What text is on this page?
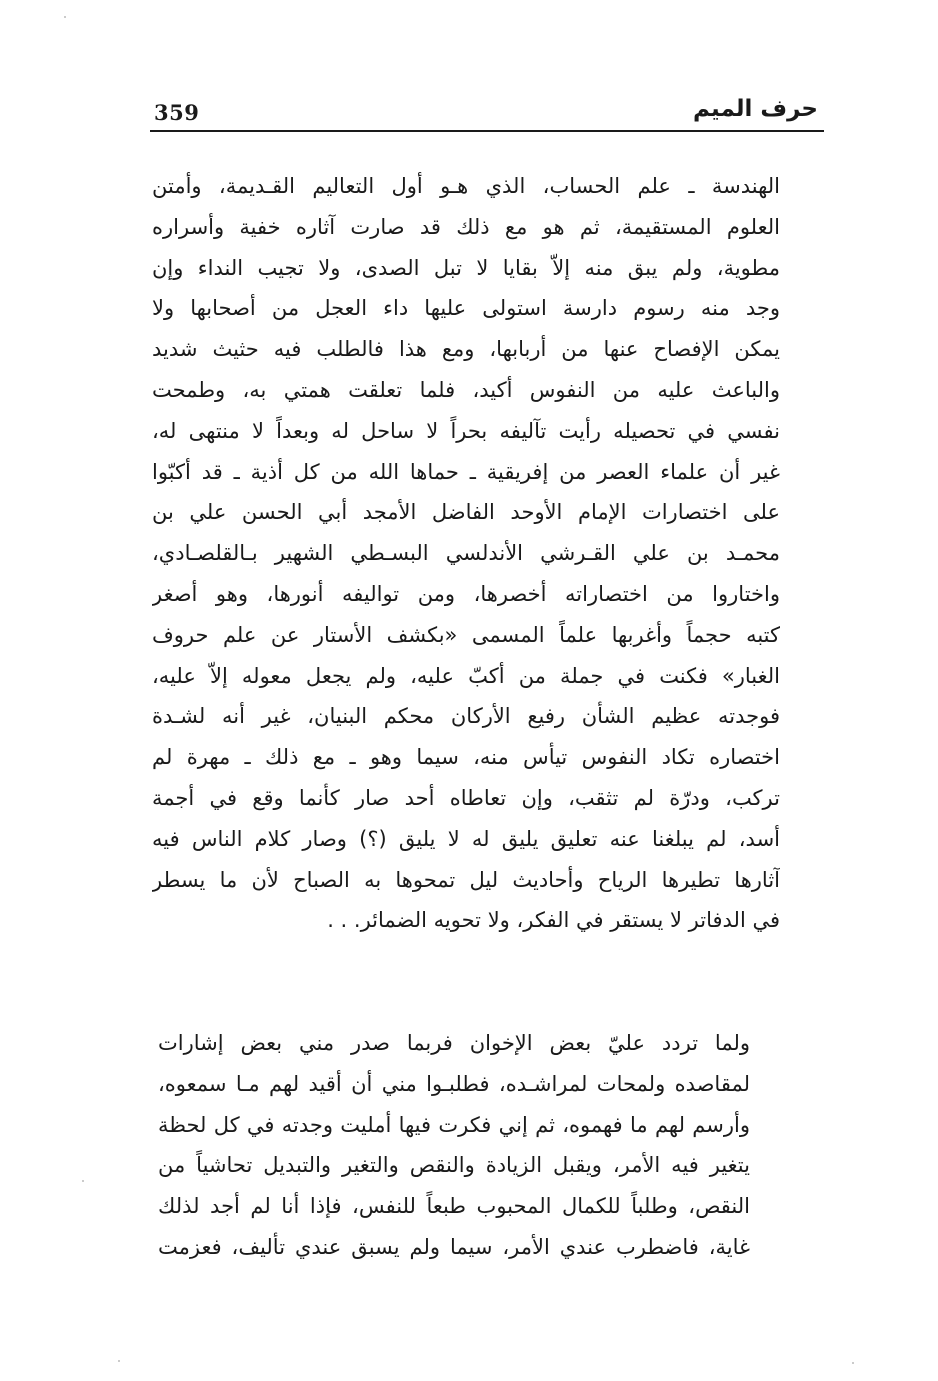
359	حرف الميم
الهندسة ـ علم الحساب، الذي هـو أول التعاليم القـديمة، وأمتن
العلوم المستقيمة، ثم هو مع ذلك قد صارت آثاره خفية وأسراره
مطوية، ولم يبق منه إلاّ بقايا لا تبل الصدى، ولا تجيب النداء وإن
وجد منه رسوم دارسة استولى عليها داء العجل من أصحابها ولا
يمكن الإفصاح عنها من أربابها، ومع هذا فالطلب فيه حثيث شديد
والباعث عليه من النفوس أكيد، فلما تعلقت همتي به، وطمحت
نفسي في تحصيله رأيت تآليفه بحراً لا ساحل له وبعداً لا منتهى له،
غير أن علماء العصر من إفريقية ـ حماها الله من كل أذية ـ قد أكبّوا
على اختصارات الإمام الأوحد الفاضل الأمجد أبي الحسن علي بن
محمـد بن علي القـرشي الأندلسي البسـطي الشهير بـالقلصـادي،
واختاروا من اختصاراته أخصرها، ومن تواليفه أنورها، وهو أصغر
كتبه حجماً وأغربها علماً المسمى «بكشف الأستار عن علم حروف
الغبار» فكنت في جملة من أكبّ عليه، ولم يجعل معوله إلاّ عليه،
فوجدته عظيم الشأن رفيع الأركان محكم البنيان، غير أنه لشـدة
اختصاره تكاد النفوس تيأس منه، سيما وهو ـ مع ذلك ـ مهرة لم
تركب، ودرّة لم تثقب، وإن تعاطاه أحد صار كأنما وقع في أجمة
أسد، لم يبلغنا عنه تعليق يليق له لا يليق (؟) وصار كلام الناس فيه
آثارها تطيرها الرياح وأحاديث ليل تمحوها به الصباح لأن ما يسطر
في الدفاتر لا يستقر في الفكر، ولا تحويه الضمائر. . .
ولما تردد عليّ بعض الإخوان فربما صدر مني بعض إشارات
لمقاصده ولمحات لمراشـده، فطلبـوا مني أن أقيد لهم مـا سمعوه،
وأرسم لهم ما فهموه، ثم إني فكرت فيها أمليت وجدته في كل لحظة
يتغير فيه الأمر، ويقبل الزيادة والنقص والتغير والتبديل تحاشياً من
النقص، وطلباً للكمال المحبوب طبعاً للنفس، فإذا أنا لم أجد لذلك
غاية، فاضطرب عندي الأمر، سيما ولم يسبق عندي تأليف، فعزمت
